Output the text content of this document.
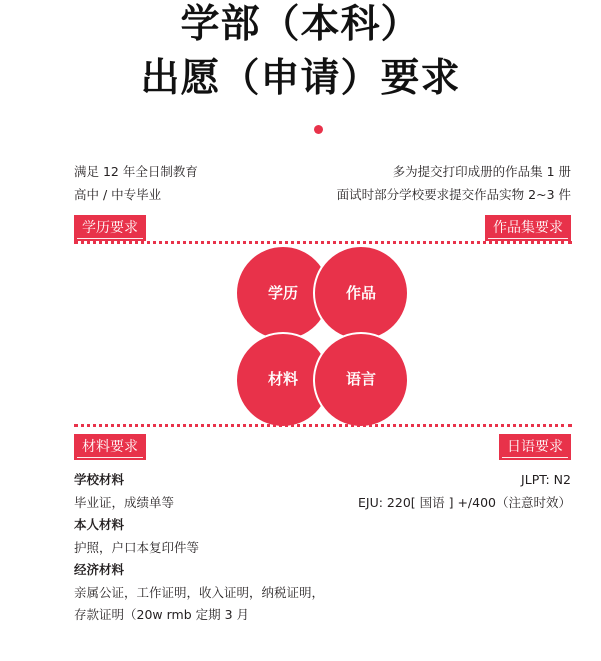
学部（本科）
出愿（申请）要求
满足 12 年全日制教育
高中 / 中专毕业
多为提交打印成册的作品集 1 册
面试时部分学校要求提交作品实物 2~3 件
学历要求	作品集要求
学历	作品
材料	语言
材料要求	日语要求
学校材料
毕业证，成绩单等
本人材料
护照，户口本复印件等
经济材料
亲属公证，工作证明，收入证明，纳税证明，
存款证明（20w rmb 定期 3 月
JLPT: N2
EJU: 220[ 国语 ] +/400（注意时效）
